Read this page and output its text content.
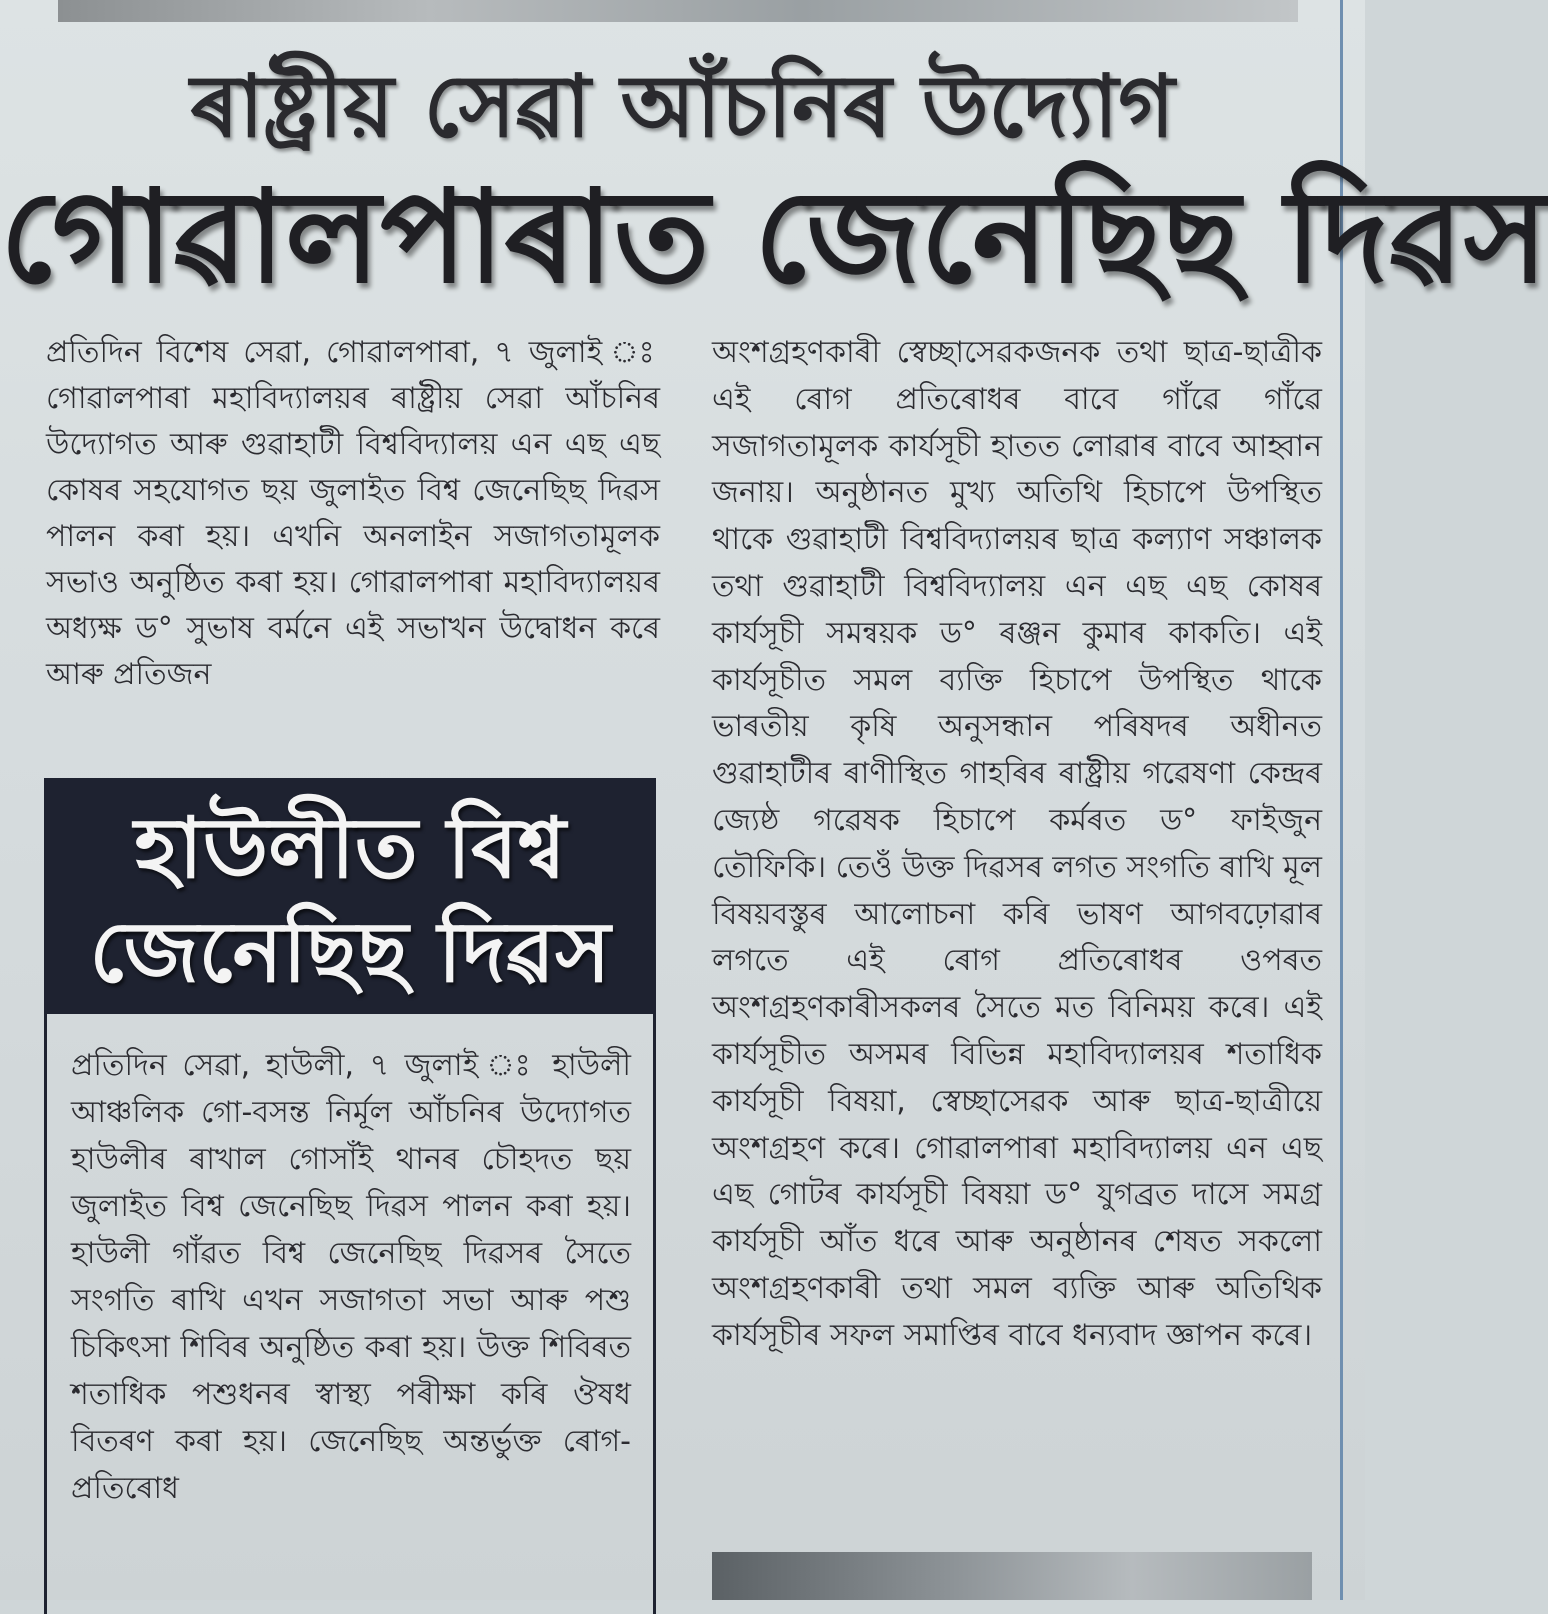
ৰাষ্ট্ৰীয় সেৱা আঁচনিৰ উদ্যোগ
গোৱালপাৰাত জেনেছিছ দিৱস
প্ৰতিদিন বিশেষ সেৱা, গোৱালপাৰা, ৭ জুলাই ঃ গোৱালপাৰা মহাবিদ্যালয়ৰ ৰাষ্ট্ৰীয় সেৱা আঁচনিৰ উদ্যোগত আৰু গুৱাহাটী বিশ্ববিদ্যালয় এন এছ এছ কোষৰ সহযোগত ছয় জুলাইত বিশ্ব জেনেছিছ দিৱস পালন কৰা হয়। এখনি অনলাইন সজাগতামূলক সভাও অনুষ্ঠিত কৰা হয়। গোৱালপাৰা মহাবিদ্যালয়ৰ অধ্যক্ষ ড° সুভাষ বৰ্মনে এই সভাখন উদ্বোধন কৰে আৰু প্ৰতিজন
অংশগ্ৰহণকাৰী স্বেচ্ছাসেৱকজনক তথা ছাত্ৰ-ছাত্ৰীক এই ৰোগ প্ৰতিৰোধৰ বাবে গাঁৱে গাঁৱে সজাগতামূলক কাৰ্যসূচী হাতত লোৱাৰ বাবে আহ্বান জনায়। অনুষ্ঠানত মুখ্য অতিথি হিচাপে উপস্থিত থাকে গুৱাহাটী বিশ্ববিদ্যালয়ৰ ছাত্ৰ কল্যাণ সঞ্চালক তথা গুৱাহাটী বিশ্ববিদ্যালয় এন এছ এছ কোষৰ কাৰ্যসূচী সমন্বয়ক ড° ৰঞ্জন কুমাৰ কাকতি। এই কাৰ্যসূচীত সমল ব্যক্তি হিচাপে উপস্থিত থাকে ভাৰতীয় কৃষি অনুসন্ধান পৰিষদৰ অধীনত গুৱাহাটীৰ ৰাণীস্থিত গাহৰিৰ ৰাষ্ট্ৰীয় গৱেষণা কেন্দ্ৰৰ জ্যেষ্ঠ গৱেষক হিচাপে কৰ্মৰত ড° ফাইজুন তৌফিকি। তেওঁ উক্ত দিৱসৰ লগত সংগতি ৰাখি মূল বিষয়বস্তুৰ আলোচনা কৰি ভাষণ আগবঢ়োৱাৰ লগতে এই ৰোগ প্ৰতিৰোধৰ ওপৰত অংশগ্ৰহণকাৰীসকলৰ সৈতে মত বিনিময় কৰে। এই কাৰ্যসূচীত অসমৰ বিভিন্ন মহাবিদ্যালয়ৰ শতাধিক কাৰ্যসূচী বিষয়া, স্বেচ্ছাসেৱক আৰু ছাত্ৰ-ছাত্ৰীয়ে অংশগ্ৰহণ কৰে। গোৱালপাৰা মহাবিদ্যালয় এন এছ এছ গোটৰ কাৰ্যসূচী বিষয়া ড° যুগব্ৰত দাসে সমগ্ৰ কাৰ্যসূচী আঁত ধৰে আৰু অনুষ্ঠানৰ শেষত সকলো অংশগ্ৰহণকাৰী তথা সমল ব্যক্তি আৰু অতিথিক কাৰ্যসূচীৰ সফল সমাপ্তিৰ বাবে ধন্যবাদ জ্ঞাপন কৰে।
হাউলীত বিশ্ব
জেনেছিছ দিৱস
প্ৰতিদিন সেৱা, হাউলী, ৭ জুলাই ঃ হাউলী আঞ্চলিক গো-বসন্ত নিৰ্মূল আঁচনিৰ উদ্যোগত হাউলীৰ ৰাখাল গোসাঁই থানৰ চৌহদত ছয় জুলাইত বিশ্ব জেনেছিছ দিৱস পালন কৰা হয়। হাউলী গাঁৱত বিশ্ব জেনেছিছ দিৱসৰ সৈতে সংগতি ৰাখি এখন সজাগতা সভা আৰু পশু চিকিৎসা শিবিৰ অনুষ্ঠিত কৰা হয়। উক্ত শিবিৰত শতাধিক পশুধনৰ স্বাস্থ্য পৰীক্ষা কৰি ঔষধ বিতৰণ কৰা হয়। জেনেছিছ অন্তৰ্ভুক্ত ৰোগ-প্ৰতিৰোধ
